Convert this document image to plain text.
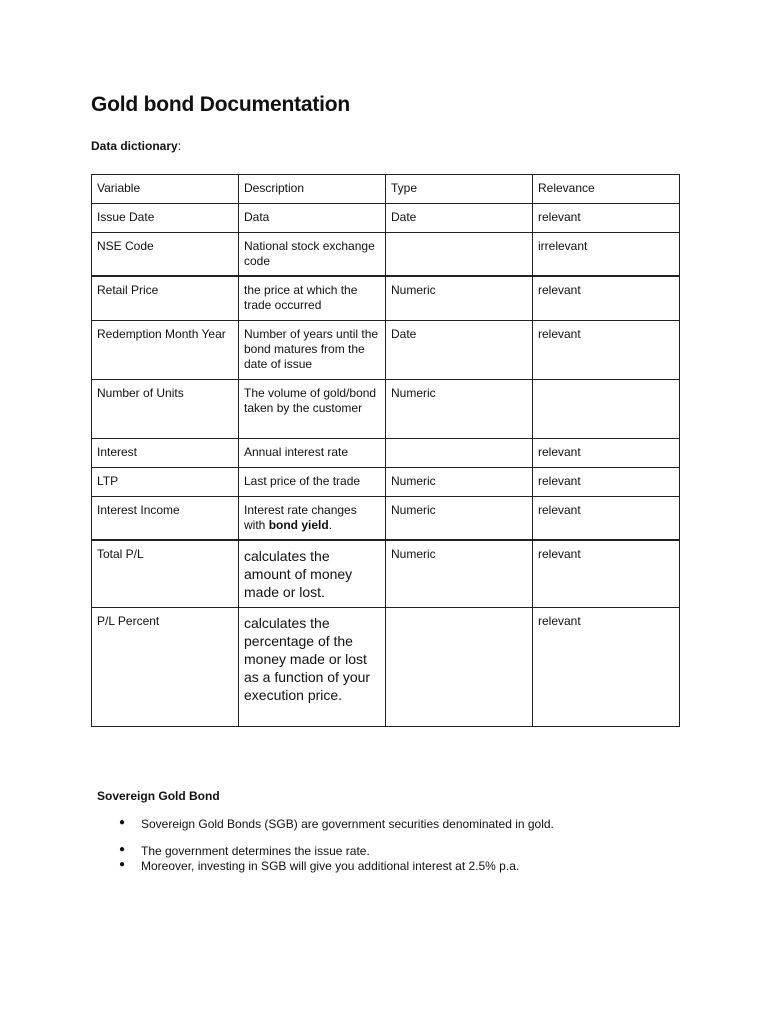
Gold bond Documentation

Data dictionary:

Variable	Description	Type	Relevance
Issue Date	Data	Date	relevant
NSE Code	National stock exchange code		irrelevant
Retail Price	the price at which the trade occurred	Numeric	relevant
Redemption Month Year	Number of years until the bond matures from the date of issue	Date	relevant
Number of Units	The volume of gold/bond taken by the customer	Numeric	
Interest	Annual interest rate		relevant
LTP	Last price of the trade	Numeric	relevant
Interest Income	Interest rate changes with bond yield.	Numeric	relevant
Total P/L	calculates the amount of money made or lost.	Numeric	relevant
P/L Percent	calculates the percentage of the money made or lost as a function of your execution price.		relevant

Sovereign Gold Bond

● Sovereign Gold Bonds (SGB) are government securities denominated in gold.
● The government determines the issue rate.
● Moreover, investing in SGB will give you additional interest at 2.5% p.a.
